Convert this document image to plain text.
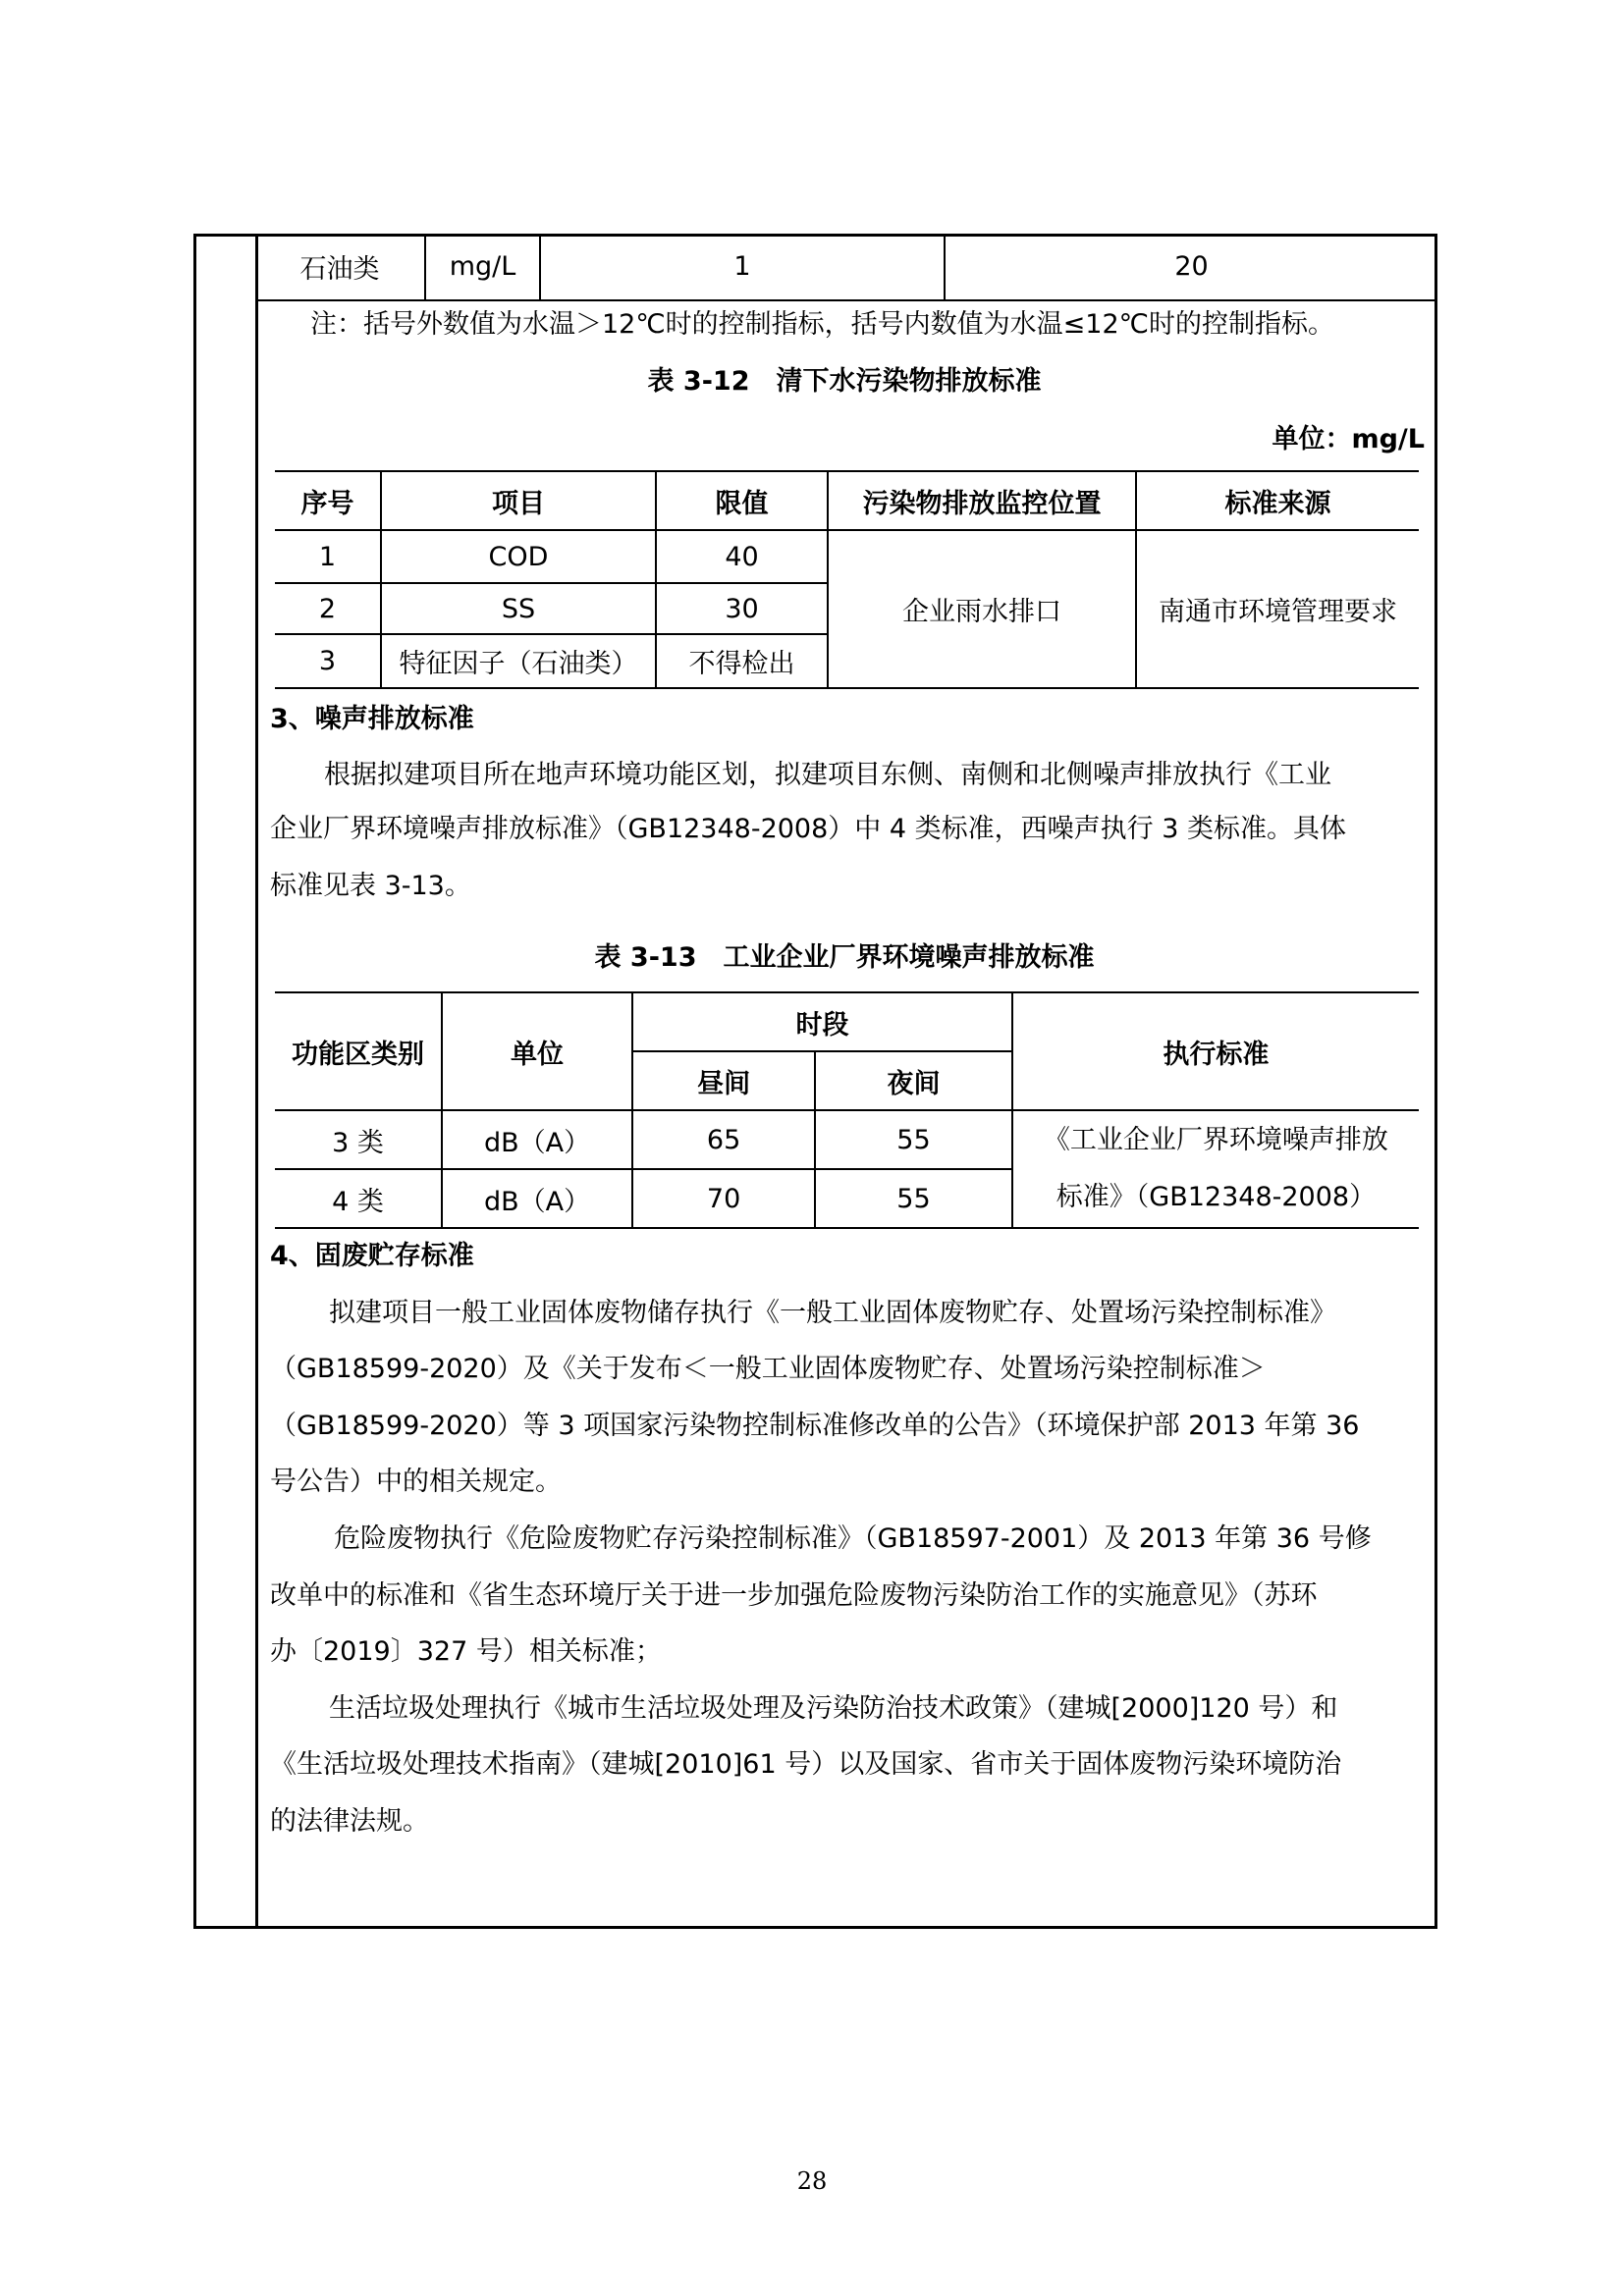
石油类	mg/L	1	20
注：括号外数值为水温＞12℃时的控制指标，括号内数值为水温≤12℃时的控制指标。
表 3-12　清下水污染物排放标准
单位：mg/L
序号	项目	限值	污染物排放监控位置	标准来源
1	COD	40	企业雨水排口	南通市环境管理要求
2	SS	30		
3	特征因子（石油类）	不得检出		
3、噪声排放标准
根据拟建项目所在地声环境功能区划，拟建项目东侧、南侧和北侧噪声排放执行《工业
企业厂界环境噪声排放标准》（GB12348-2008）中 4 类标准，西噪声执行 3 类标准。具体
标准见表 3-13。
表 3-13　工业企业厂界环境噪声排放标准
功能区类别	单位	时段		执行标准
		昼间	夜间	
3 类	dB（A）	65	55	《工业企业厂界环境噪声排放
标准》（GB12348-2008）

4 类	dB（A）	70	55	
4、固废贮存标准
拟建项目一般工业固体废物储存执行《一般工业固体废物贮存、处置场污染控制标准》
（GB18599-2020）及《关于发布＜一般工业固体废物贮存、处置场污染控制标准＞
（GB18599-2020）等 3 项国家污染物控制标准修改单的公告》（环境保护部 2013 年第 36
号公告）中的相关规定。
危险废物执行《危险废物贮存污染控制标准》（GB18597-2001）及 2013 年第 36 号修
改单中的标准和《省生态环境厅关于进一步加强危险废物污染防治工作的实施意见》（苏环
办〔2019〕327 号）相关标准；
生活垃圾处理执行《城市生活垃圾处理及污染防治技术政策》（建城[2000]120 号）和
《生活垃圾处理技术指南》（建城[2010]61 号）以及国家、省市关于固体废物污染环境防治
的法律法规。
28
